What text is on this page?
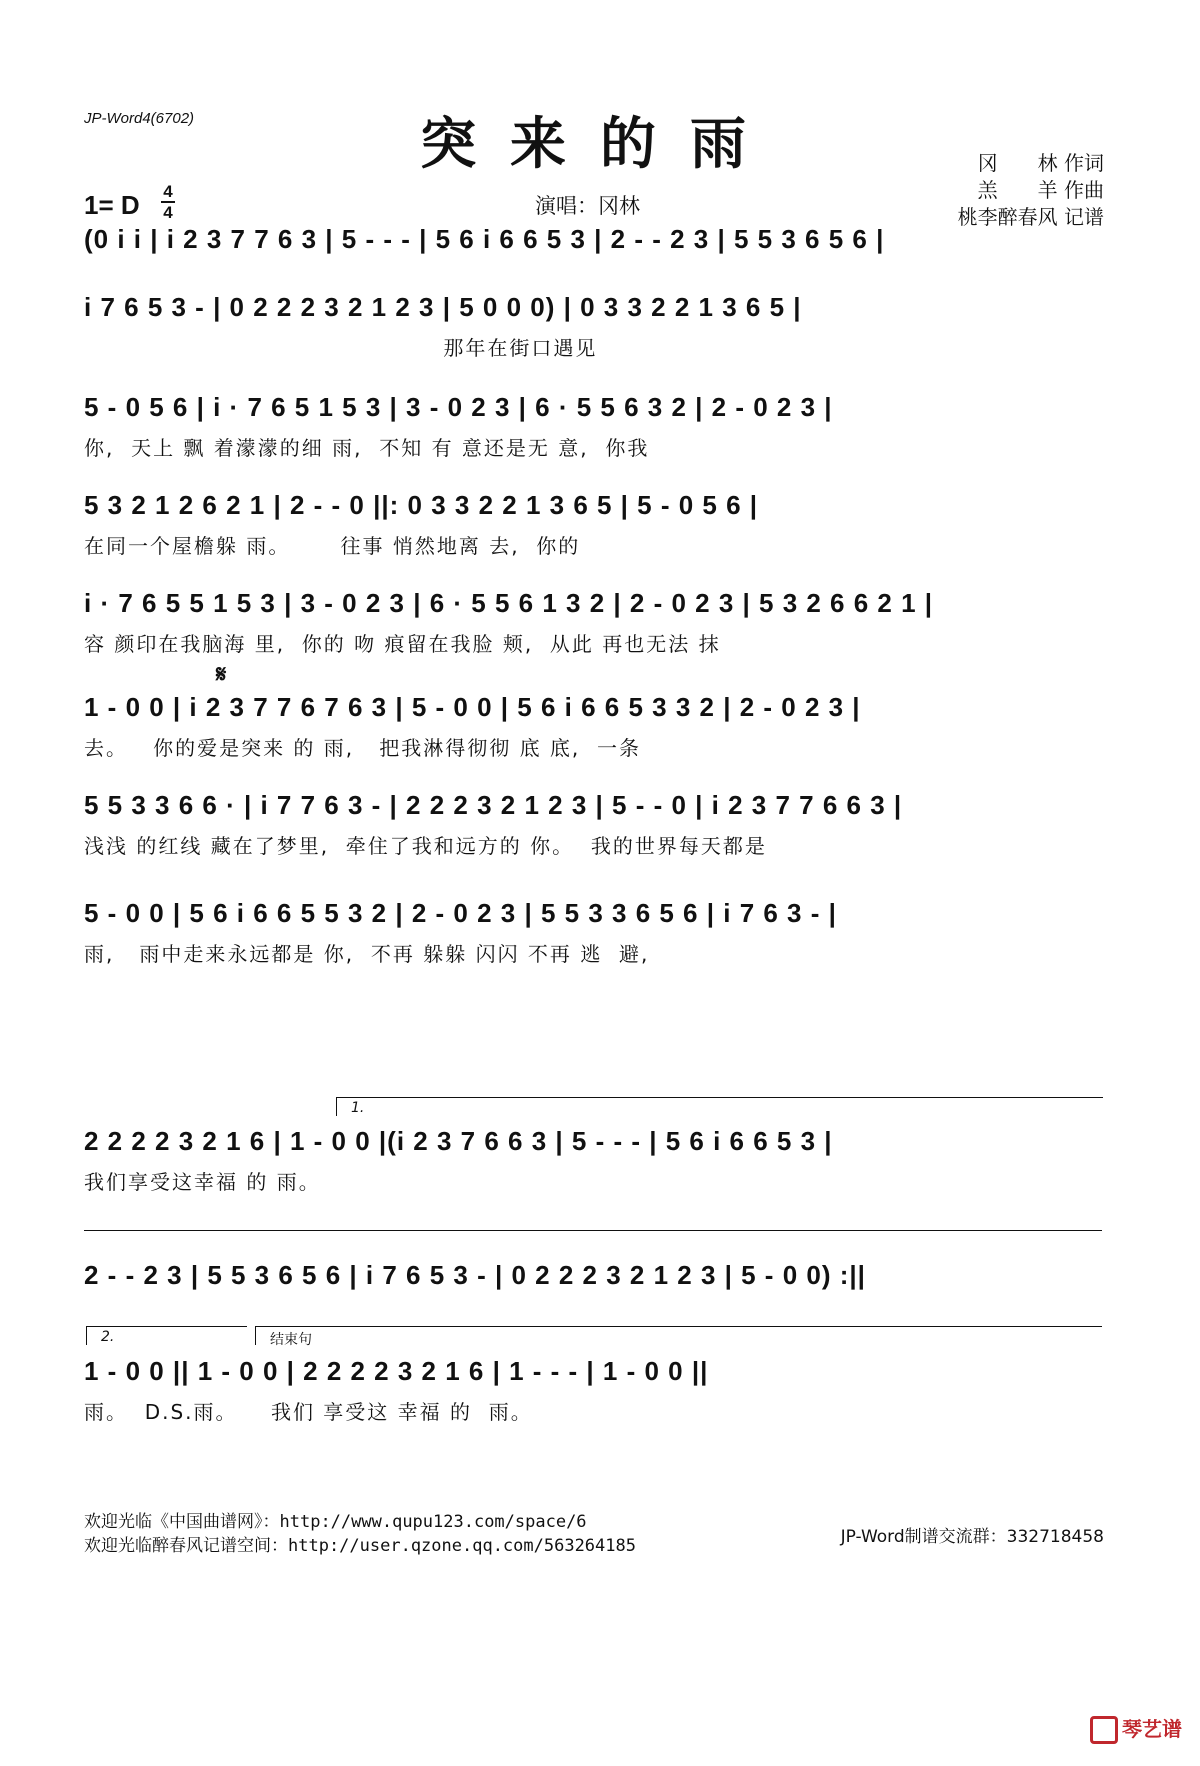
JP-Word4(6702)	突来的雨	冈　　林 作词
羔　　羊 作曲
桃李醉春风 记谱
1= D 4
4	演唱：冈林
(0 i i | i 2 3 7 7 6 3 | 5 - - - | 5 6 i 6 6 5 3 | 2 - - 2 3 | 5 5 3 6 5 6 |
i 7 6 5 3 - | 0 2 2 2 3 2 1 2 3 | 5 0 0 0) | 0 3 3 2 2 1 3 6 5 |
那年在街口遇见
5 - 0 5 6 | i · 7 6 5 1 5 3 | 3 - 0 2 3 | 6 · 5 5 6 3 2 | 2 - 0 2 3 |
你,  天上 飘 着濛濛的细 雨,  不知 有 意还是无 意,  你我
5 3 2 1 2 6 2 1 | 2 - - 0 ||: 0 3 3 2 2 1 3 6 5 | 5 - 0 5 6 |
在同一个屋檐躲 雨。      往事 悄然地离 去,  你的
i · 7 6 5 5 1 5 3 | 3 - 0 2 3 | 6 · 5 5 6 1 3 2 | 2 - 0 2 3 | 5 3 2 6 6 2 1 |
容 颜印在我脑海 里,  你的 吻 痕留在我脸 颊,  从此 再也无法 抹
𝄋
1 - 0 0 | i 2 3 7 7 6 7 6 3 | 5 - 0 0 | 5 6 i 6 6 5 3 3 2 | 2 - 0 2 3 |
去。   你的爱是突来 的 雨,   把我淋得彻彻 底 底,  一条
5 5 3 3 6 6 · | i 7 7 6 3 - | 2 2 2 3 2 1 2 3 | 5 - - 0 | i 2 3 7 7 6 6 3 |
浅浅 的红线 藏在了梦里,  牵住了我和远方的 你。  我的世界每天都是
5 - 0 0 | 5 6 i 6 6 5 5 3 2 | 2 - 0 2 3 | 5 5 3 3 6 5 6 | i 7 6 3 - |
雨,   雨中走来永远都是 你,  不再 躲躲 闪闪 不再 逃  避,
1.
2 2 2 2 3 2 1 6 | 1 - 0 0 |(i 2 3 7 6 6 3 | 5 - - - | 5 6 i 6 6 5 3 |
我们享受这幸福 的 雨。
2 - - 2 3 | 5 5 3 6 5 6 | i 7 6 5 3 - | 0 2 2 2 3 2 1 2 3 | 5 - 0 0) :||
2.	结束句
1 - 0 0 || 1 - 0 0 | 2 2 2 2 3 2 1 6 | 1 - - - | 1 - 0 0 ||
雨。  D.S.雨。    我们 享受这 幸福 的  雨。
欢迎光临《中国曲谱网》：http://www.qupu123.com/space/6
欢迎光临醉春风记谱空间：http://user.qzone.qq.com/563264185	JP-Word制谱交流群：332718458
琴艺谱
